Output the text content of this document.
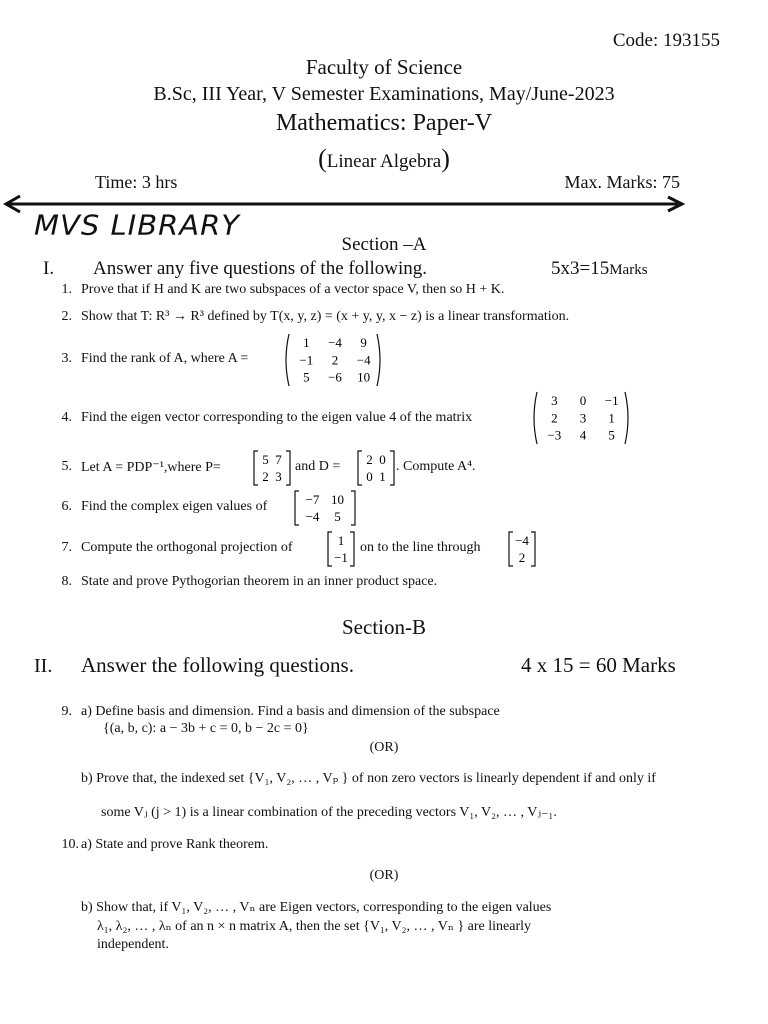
Code: 193155
Faculty of Science
B.Sc, III Year, V Semester Examinations, May/June-2023
Mathematics: Paper-V
(Linear Algebra)
Time: 3 hrs	Max. Marks: 75
MVS LIBRARY
Section –A
I. Answer any five questions of the following.	5x3=15Marks
1. Prove that if H and K are two subspaces of a vector space V, then so H + K.
2. Show that T: R³ → R³ defined by T(x, y, z) = (x + y, y, x − z) is a linear transformation.
3. Find the rank of A, where A =
1 −4 9
−1 2 −4
5 −6 10
4. Find the eigen vector corresponding to the eigen value 4 of the matrix
3 0 −1
2 3 1
−3 4 5
5. Let A = PDP⁻¹,where P=
5 7
2 3
and D = 2 0
0 1
. Compute A⁴.
6. Find the complex eigen values of	−7 10
−4 5
7. Compute the orthogonal projection of	1
−1
on to the line through	−4
2
8. State and prove Pythogorian theorem in an inner product space.
Section-B
II. Answer the following questions.	4 x 15 = 60 Marks
9. a) Define basis and dimension. Find a basis and dimension of the subspace
{(a, b, c): a − 3b + c = 0, b − 2c = 0}
(OR)
b) Prove that, the indexed set {V₁, V₂, … , Vₚ } of non zero vectors is linearly dependent if and only if
some Vⱼ (j > 1) is a linear combination of the preceding vectors V₁, V₂, … , Vⱼ₋₁.
10. a) State and prove Rank theorem.
(OR)
b) Show that, if V₁, V₂, … , Vₙ are Eigen vectors, corresponding to the eigen values
λ₁, λ₂, … , λₙ of an n × n matrix A, then the set {V₁, V₂, … , Vₙ } are linearly
independent.
